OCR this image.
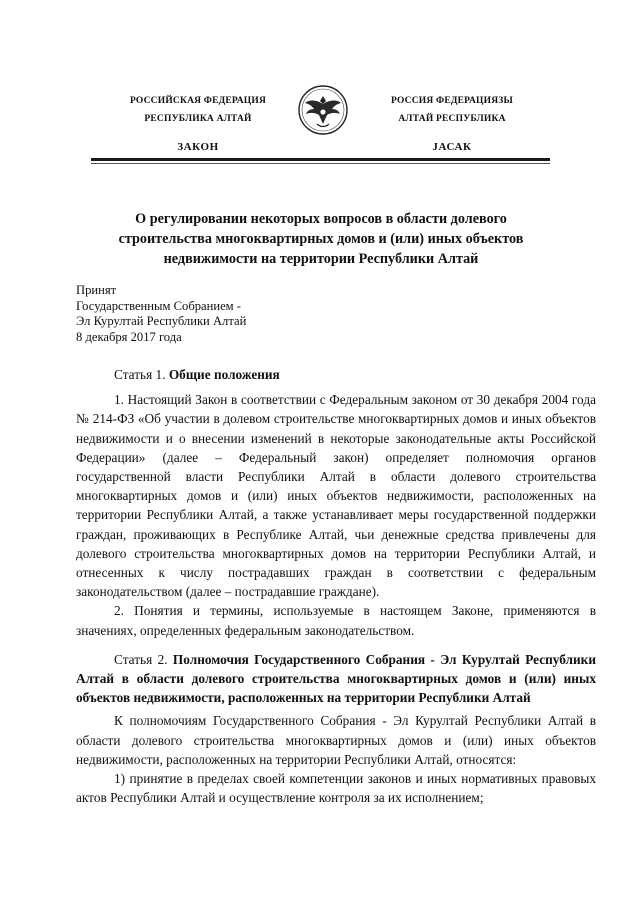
РОССИЙСКАЯ ФЕДЕРАЦИЯ
РЕСПУБЛИКА АЛТАЙ
ЗАКОН
РОССИЯ ФЕДЕРАЦИЯЗЫ
АЛТАЙ РЕСПУБЛИКА
JАСАК
О регулировании некоторых вопросов в области долевого строительства многоквартирных домов и (или) иных объектов недвижимости на территории Республики Алтай
Принят
Государственным Собранием -
Эл Курултай Республики Алтай
8 декабря 2017 года

Статья 1. Общие положения

1. Настоящий Закон в соответствии с Федеральным законом от 30 декабря 2004 года № 214-ФЗ «Об участии в долевом строительстве многоквартирных домов и иных объектов недвижимости и о внесении изменений в некоторые законодательные акты Российской Федерации» (далее – Федеральный закон) определяет полномочия органов государственной власти Республики Алтай в области долевого строительства многоквартирных домов и (или) иных объектов недвижимости, расположенных на территории Республики Алтай, а также устанавливает меры государственной поддержки граждан, проживающих в Республике Алтай, чьи денежные средства привлечены для долевого строительства многоквартирных домов на территории Республики Алтай, и отнесенных к числу пострадавших граждан в соответствии с федеральным законодательством (далее – пострадавшие граждане).

2. Понятия и термины, используемые в настоящем Законе, применяются в значениях, определенных федеральным законодательством.

Статья 2. Полномочия Государственного Собрания - Эл Курултай Республики Алтай в области долевого строительства многоквартирных домов и (или) иных объектов недвижимости, расположенных на территории Республики Алтай

К полномочиям Государственного Собрания - Эл Курултай Республики Алтай в области долевого строительства многоквартирных домов и (или) иных объектов недвижимости, расположенных на территории Республики Алтай, относятся:

1) принятие в пределах своей компетенции законов и иных нормативных правовых актов Республики Алтай и осуществление контроля за их исполнением;
